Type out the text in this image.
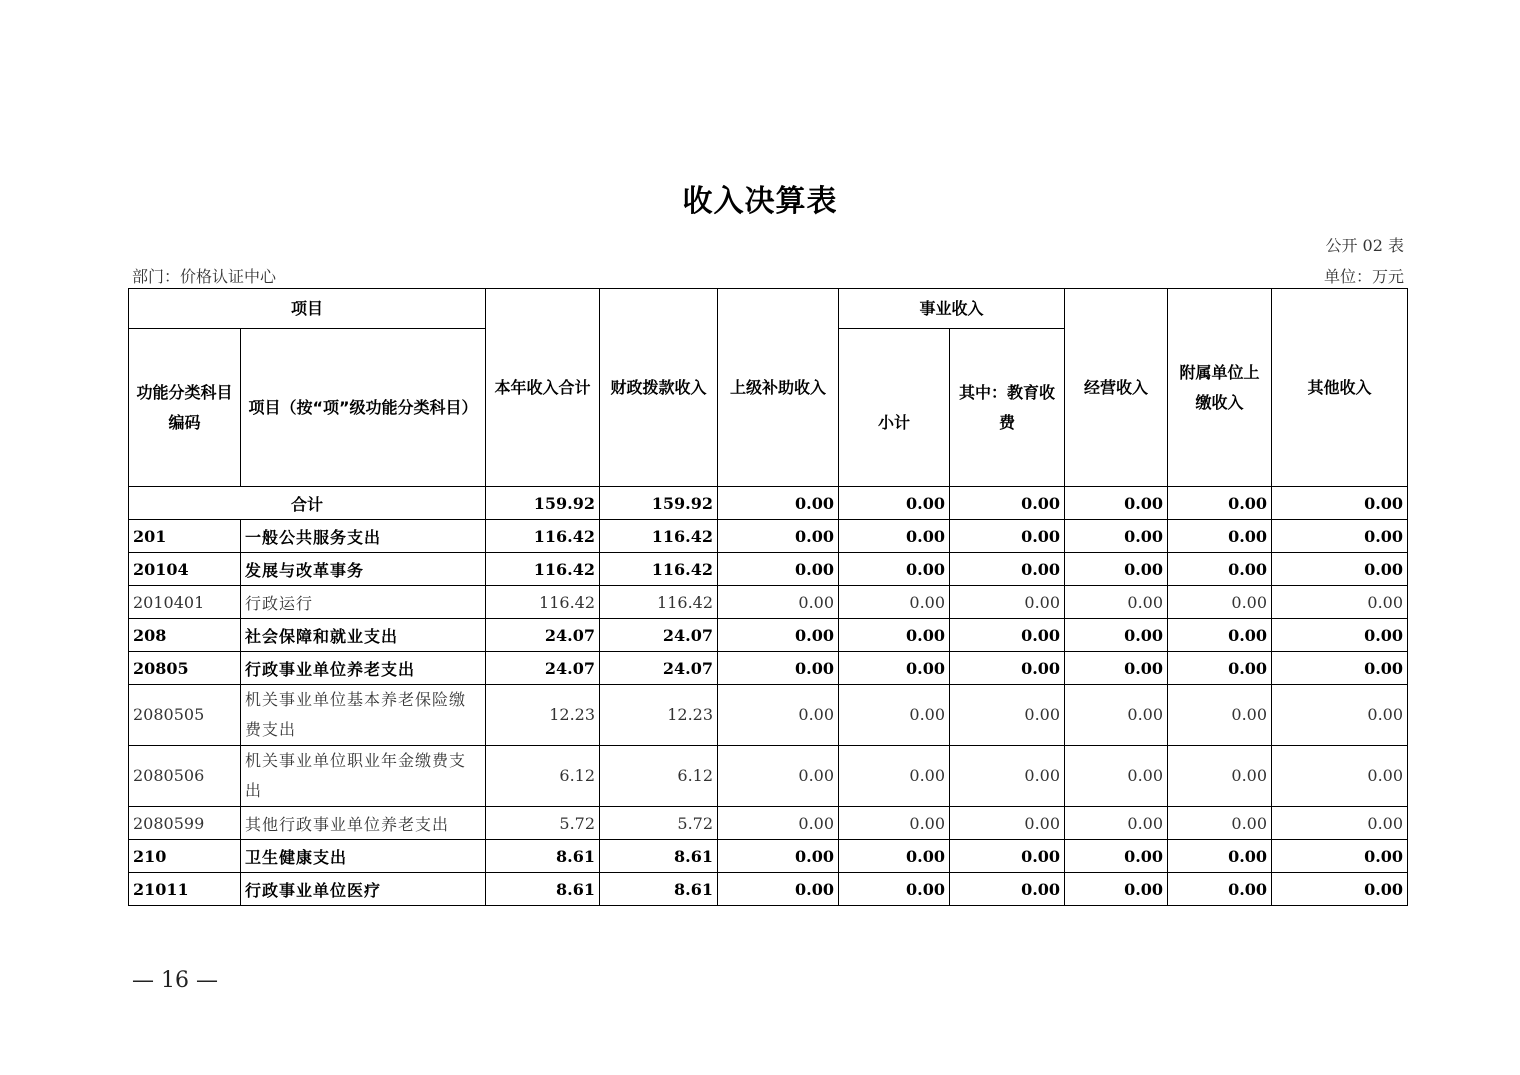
收入决算表
公开 02 表
部门：价格认证中心	单位：万元
项目		本年收入合计	财政拨款收入	上级补助收入	事业收入		经营收入	附属单位上缴收入	其他收入
功能分类科目编码	项目（按“项”级功能分类科目）				小计	其中：教育收费			
合计		159.92	159.92	0.00	0.00	0.00	0.00	0.00	0.00
201	一般公共服务支出	116.42	116.42	0.00	0.00	0.00	0.00	0.00	0.00
20104	发展与改革事务	116.42	116.42	0.00	0.00	0.00	0.00	0.00	0.00
2010401	行政运行	116.42	116.42	0.00	0.00	0.00	0.00	0.00	0.00
208	社会保障和就业支出	24.07	24.07	0.00	0.00	0.00	0.00	0.00	0.00
20805	行政事业单位养老支出	24.07	24.07	0.00	0.00	0.00	0.00	0.00	0.00
2080505	机关事业单位基本养老保险缴费支出	12.23	12.23	0.00	0.00	0.00	0.00	0.00	0.00
2080506	机关事业单位职业年金缴费支出	6.12	6.12	0.00	0.00	0.00	0.00	0.00	0.00
2080599	其他行政事业单位养老支出	5.72	5.72	0.00	0.00	0.00	0.00	0.00	0.00
210	卫生健康支出	8.61	8.61	0.00	0.00	0.00	0.00	0.00	0.00
21011	行政事业单位医疗	8.61	8.61	0.00	0.00	0.00	0.00	0.00	0.00
— 16 —
